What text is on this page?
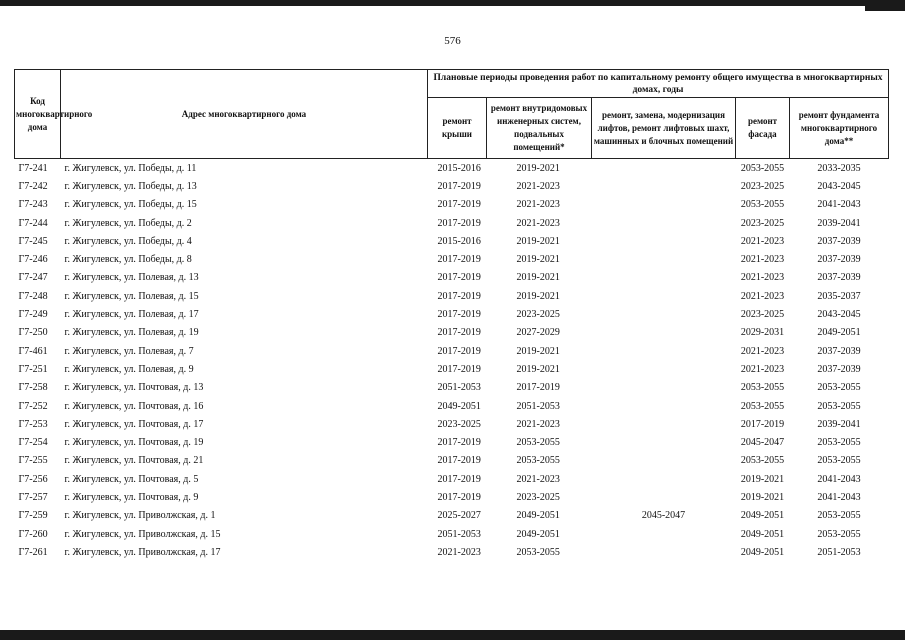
576
Код многоквартирного дома	Адрес многоквартирного дома	Плановые периоды проведения работ по капитальному ремонту общего имущества в многоквартирных домах, годы				
		ремонт крыши	ремонт внутридомовых инженерных систем, подвальных помещений*	ремонт, замена, модернизация лифтов, ремонт лифтовых шахт, машинных и блочных помещений	ремонт фасада	ремонт фундамента многоквартирного дома**
Г7-241	г. Жигулевск, ул. Победы, д. 11	2015-2016	2019-2021		2053-2055	2033-2035
Г7-242	г. Жигулевск, ул. Победы, д. 13	2017-2019	2021-2023		2023-2025	2043-2045
Г7-243	г. Жигулевск, ул. Победы, д. 15	2017-2019	2021-2023		2053-2055	2041-2043
Г7-244	г. Жигулевск, ул. Победы, д. 2	2017-2019	2021-2023		2023-2025	2039-2041
Г7-245	г. Жигулевск, ул. Победы, д. 4	2015-2016	2019-2021		2021-2023	2037-2039
Г7-246	г. Жигулевск, ул. Победы, д. 8	2017-2019	2019-2021		2021-2023	2037-2039
Г7-247	г. Жигулевск, ул. Полевая, д. 13	2017-2019	2019-2021		2021-2023	2037-2039
Г7-248	г. Жигулевск, ул. Полевая, д. 15	2017-2019	2019-2021		2021-2023	2035-2037
Г7-249	г. Жигулевск, ул. Полевая, д. 17	2017-2019	2023-2025		2023-2025	2043-2045
Г7-250	г. Жигулевск, ул. Полевая, д. 19	2017-2019	2027-2029		2029-2031	2049-2051
Г7-461	г. Жигулевск, ул. Полевая, д. 7	2017-2019	2019-2021		2021-2023	2037-2039
Г7-251	г. Жигулевск, ул. Полевая, д. 9	2017-2019	2019-2021		2021-2023	2037-2039
Г7-258	г. Жигулевск, ул. Почтовая, д. 13	2051-2053	2017-2019		2053-2055	2053-2055
Г7-252	г. Жигулевск, ул. Почтовая, д. 16	2049-2051	2051-2053		2053-2055	2053-2055
Г7-253	г. Жигулевск, ул. Почтовая, д. 17	2023-2025	2021-2023		2017-2019	2039-2041
Г7-254	г. Жигулевск, ул. Почтовая, д. 19	2017-2019	2053-2055		2045-2047	2053-2055
Г7-255	г. Жигулевск, ул. Почтовая, д. 21	2017-2019	2053-2055		2053-2055	2053-2055
Г7-256	г. Жигулевск, ул. Почтовая, д. 5	2017-2019	2021-2023		2019-2021	2041-2043
Г7-257	г. Жигулевск, ул. Почтовая, д. 9	2017-2019	2023-2025		2019-2021	2041-2043
Г7-259	г. Жигулевск, ул. Приволжская, д. 1	2025-2027	2049-2051	2045-2047	2049-2051	2053-2055
Г7-260	г. Жигулевск, ул. Приволжская, д. 15	2051-2053	2049-2051		2049-2051	2053-2055
Г7-261	г. Жигулевск, ул. Приволжская, д. 17	2021-2023	2053-2055		2049-2051	2051-2053
